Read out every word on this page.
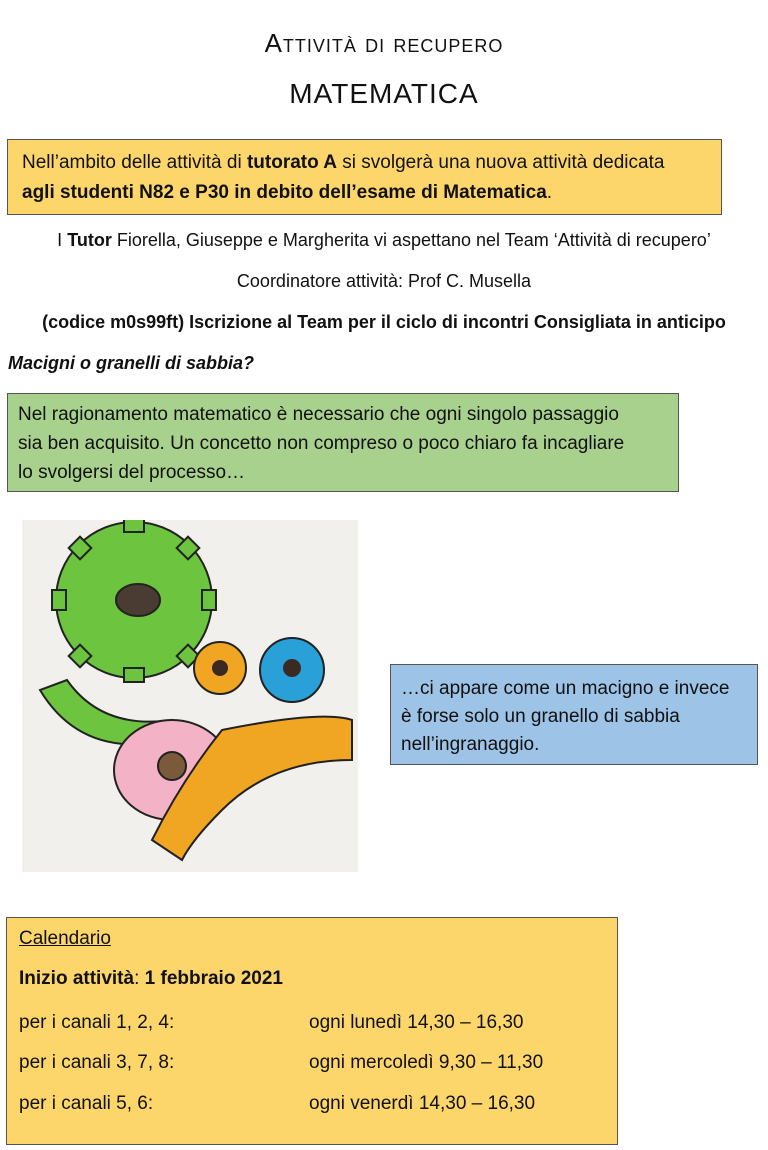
Attività di recupero
MATEMATICA
Nell’ambito delle attività di tutorato A si svolgerà una nuova attività dedicata
agli studenti N82 e P30 in debito dell’esame di Matematica.
I Tutor Fiorella, Giuseppe e Margherita vi aspettano nel Team ‘Attività di recupero’
Coordinatore attività: Prof C. Musella
(codice m0s99ft) Iscrizione al Team per il ciclo di incontri Consigliata in anticipo
Macigni o granelli di sabbia?
Nel ragionamento matematico è necessario che ogni singolo passaggio
sia ben acquisito. Un concetto non compreso o poco chiaro fa incagliare
lo svolgersi del processo…
…ci appare come un macigno e invece
è forse solo un granello di sabbia
nell’ingranaggio.
Calendario
Inizio attività: 1 febbraio 2021
per i canali 1, 2, 4:	ogni lunedì 14,30 – 16,30
per i canali 3, 7, 8:	ogni mercoledì 9,30 – 11,30
per i canali 5, 6:	ogni venerdì 14,30 – 16,30
